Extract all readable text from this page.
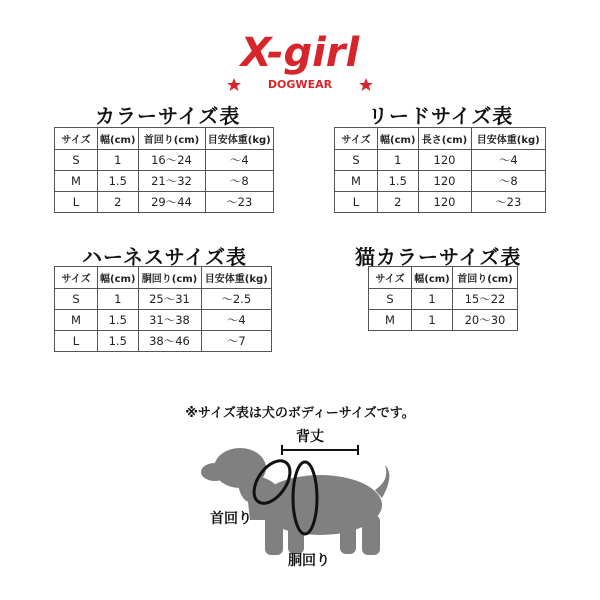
X-girl
DOGWEAR
カラーサイズ表
サイズ	幅(cm)	首回り(cm)	目安体重(kg)
S	1	16～24	～4
M	1.5	21～32	～8
L	2	29～44	～23
リードサイズ表
サイズ	幅(cm)	長さ(cm)	目安体重(kg)
S	1	120	～4
M	1.5	120	～8
L	2	120	～23
ハーネスサイズ表
サイズ	幅(cm)	胴回り(cm)	目安体重(kg)
S	1	25～31	～2.5
M	1.5	31～38	～4
L	1.5	38～46	～7
猫カラーサイズ表
サイズ	幅(cm)	首回り(cm)
S	1	15～22
M	1	20～30
※サイズ表は犬のボディーサイズです。
背丈
首回り
胴回り
